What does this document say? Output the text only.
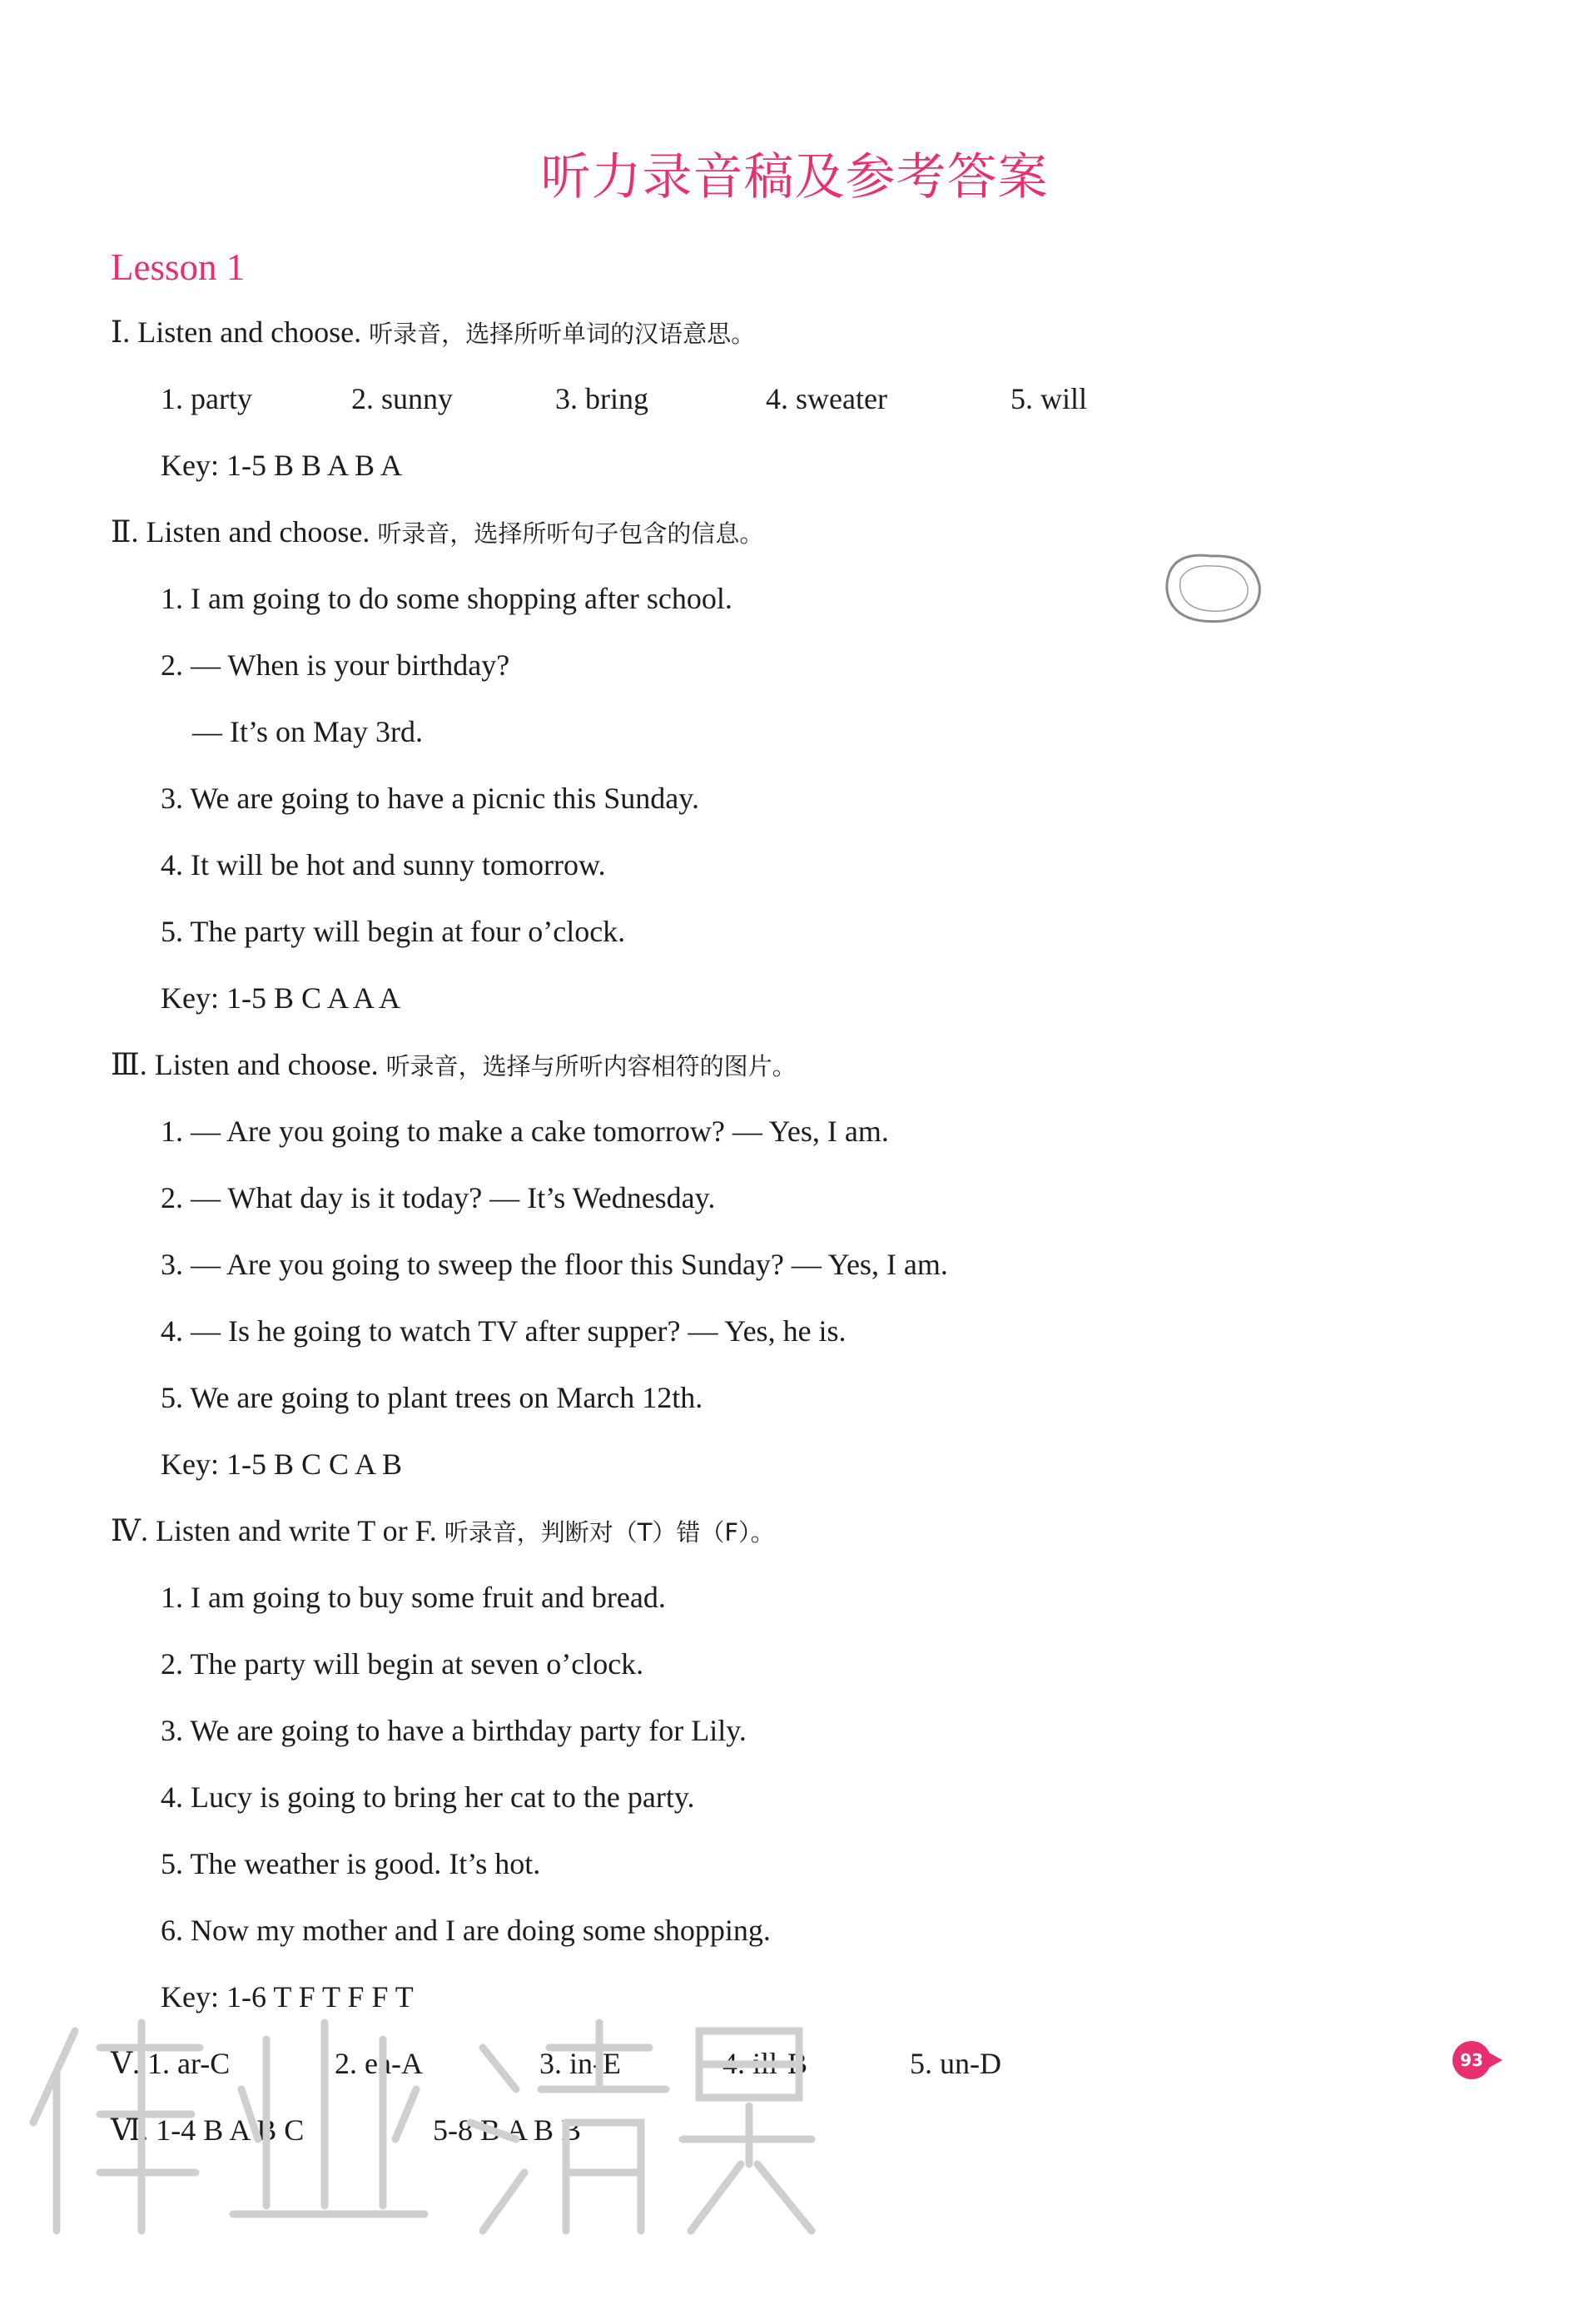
听力录音稿及参考答案
Lesson 1
Ⅰ. Listen and choose. 听录音，选择所听单词的汉语意思。
1. party	2. sunny	3. bring	4. sweater	5. will
Key: 1-5 B B A B A
Ⅱ. Listen and choose. 听录音，选择所听句子包含的信息。
1. I am going to do some shopping after school.
2. — When is your birthday?
— It’s on May 3rd.
3. We are going to have a picnic this Sunday.
4. It will be hot and sunny tomorrow.
5. The party will begin at four o’clock.
Key: 1-5 B C A A A
Ⅲ. Listen and choose. 听录音，选择与所听内容相符的图片。
1. — Are you going to make a cake tomorrow? — Yes, I am.
2. — What day is it today? — It’s Wednesday.
3. — Are you going to sweep the floor this Sunday? — Yes, I am.
4. — Is he going to watch TV after supper? — Yes, he is.
5. We are going to plant trees on March 12th.
Key: 1-5 B C C A B
Ⅳ. Listen and write T or F. 听录音，判断对（T）错（F）。
1. I am going to buy some fruit and bread.
2. The party will begin at seven o’clock.
3. We are going to have a birthday party for Lily.
4. Lucy is going to bring her cat to the party.
5. The weather is good. It’s hot.
6. Now my mother and I are doing some shopping.
Key: 1-6 T F T F F T
Ⅴ. 1. ar-C	2. ea-A	3. in-E	4. ill-B	5. un-D
Ⅵ. 1-4 B A B C	5-8 B A B B
93
